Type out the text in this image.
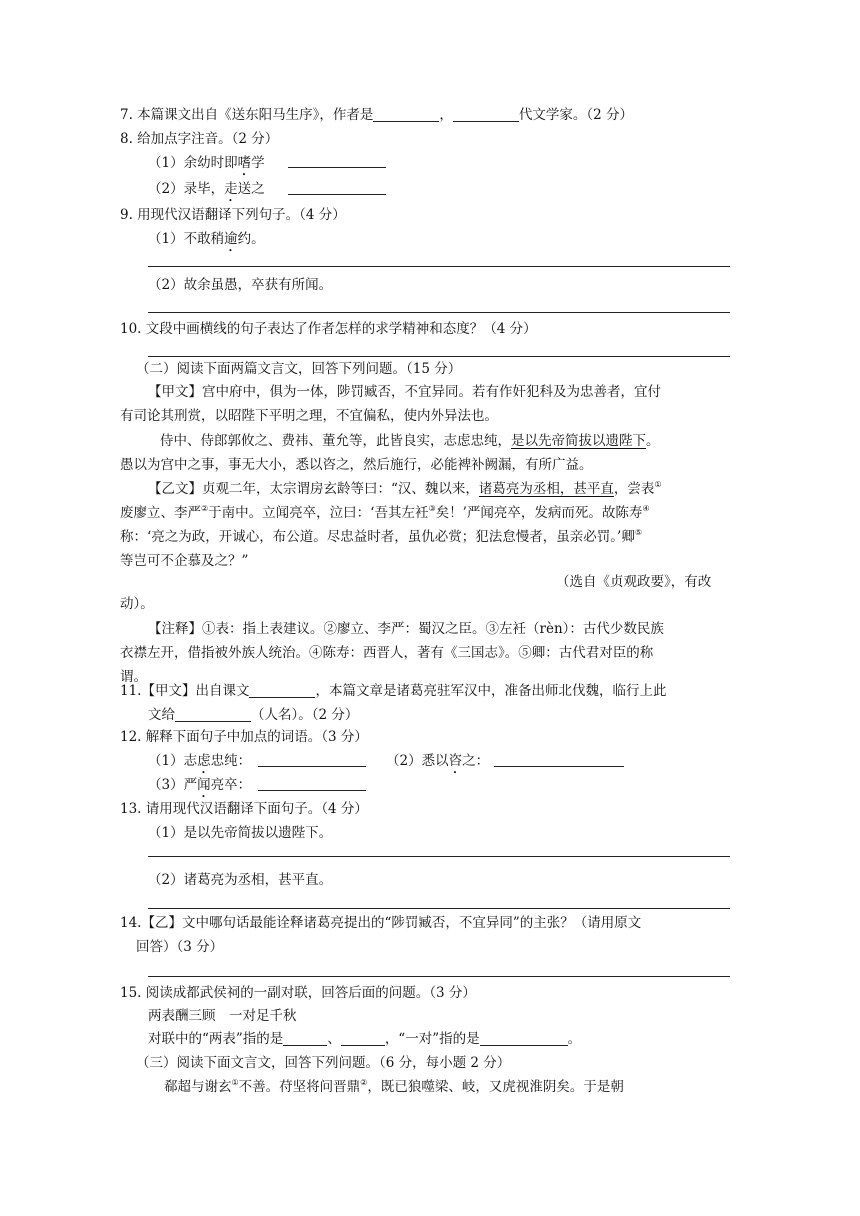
7. 本篇课文出自《送东阳马生序》，作者是	，	代文学家。（2 分）
8. 给加点字注音。（2 分）
（1）余幼时即嗜学
（2）录毕，走送之
9. 用现代汉语翻译下列句子。（4 分）
（1）不敢稍逾约。
（2）故余虽愚，卒获有所闻。
10. 文段中画横线的句子表达了作者怎样的求学精神和态度？（4 分）
（二）阅读下面两篇文言文，回答下列问题。（15 分）
【甲文】宫中府中，俱为一体，陟罚臧否，不宜异同。若有作奸犯科及为忠善者，宜付
有司论其刑赏，以昭陛下平明之理，不宜偏私，使内外异法也。
侍中、侍郎郭攸之、费祎、董允等，此皆良实，志虑忠纯，是以先帝简拔以遗陛下。
愚以为宫中之事，事无大小，悉以咨之，然后施行，必能裨补阙漏，有所广益。
【乙文】贞观二年，太宗谓房玄龄等曰：“汉、魏以来，诸葛亮为丞相，甚平直，尝表①
废廖立、李严②于南中。立闻亮卒，泣曰：‘吾其左衽③矣！’严闻亮卒，发病而死。故陈寿④
称：‘亮之为政，开诚心，布公道。尽忠益时者，虽仇必赏；犯法怠慢者，虽亲必罚。’卿⑤
等岂可不企慕及之？”
（选自《贞观政要》，有改
动）。
【注释】①表：指上表建议。②廖立、李严：蜀汉之臣。③左衽（rèn）：古代少数民族
衣襟左开，借指被外族人统治。④陈寿：西晋人，著有《三国志》。⑤卿：古代君对臣的称
谓。
11.【甲文】出自课文	，本篇文章是诸葛亮驻军汉中，准备出师北伐魏，临行上此
文给	（人名）。（2 分）
12. 解释下面句子中加点的词语。（3 分）
（1）志虑忠纯：	（2）悉以咨之：
（3）严闻亮卒：
13. 请用现代汉语翻译下面句子。（4 分）
（1）是以先帝简拔以遗陛下。
（2）诸葛亮为丞相，甚平直。
14.【乙】文中哪句话最能诠释诸葛亮提出的“陟罚臧否，不宜异同”的主张？（请用原文
回答）（3 分）
15. 阅读成都武侯祠的一副对联，回答后面的问题。（3 分）
两表酬三顾　一对足千秋
对联中的“两表”指的是	、	，“一对”指的是	。
（三）阅读下面文言文，回答下列问题。（6 分，每小题 2 分）
郗超与谢玄①不善。苻坚将问晋鼎②，既已狼噬梁、岐，又虎视淮阴矣。于是朝
